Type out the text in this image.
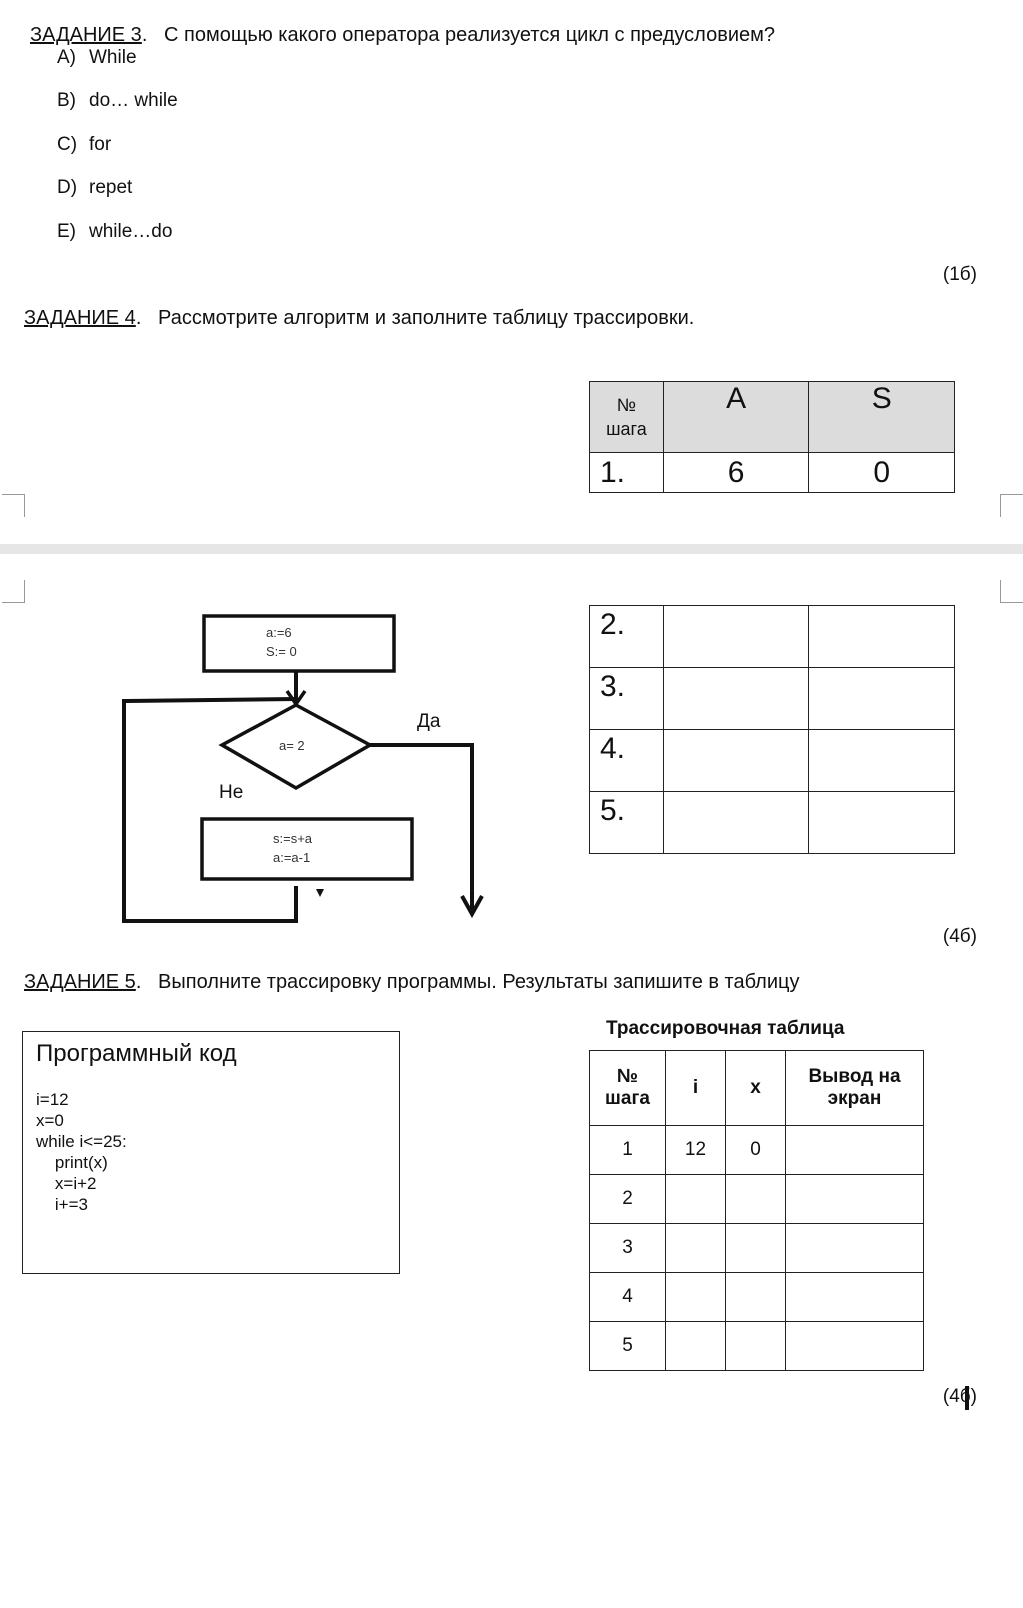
ЗАДАНИЕ 3. С помощью какого оператора реализуется цикл с предусловием?
A) While
B) do… while
C) for
D) repet
E) while…do
(1б)
ЗАДАНИЕ 4. Рассмотрите алгоритм и заполните таблицу трассировки.
№
шага	A	S
1.	6	0
2.		
3.		
4.		
5.		
a:=6
S:= 0
a= 2
Да
Не
s:=s+a
a:=a-1
(4б)
ЗАДАНИЕ 5. Выполните трассировку программы. Результаты запишите в таблицу
Программный код
i=12
x=0
while i<=25:
print(x)
x=i+2
i+=3
Трассировочная таблица
№
шага	i	x	Вывод на
экран
1	12	0	
2			
3			
4			
5			
(4б)
